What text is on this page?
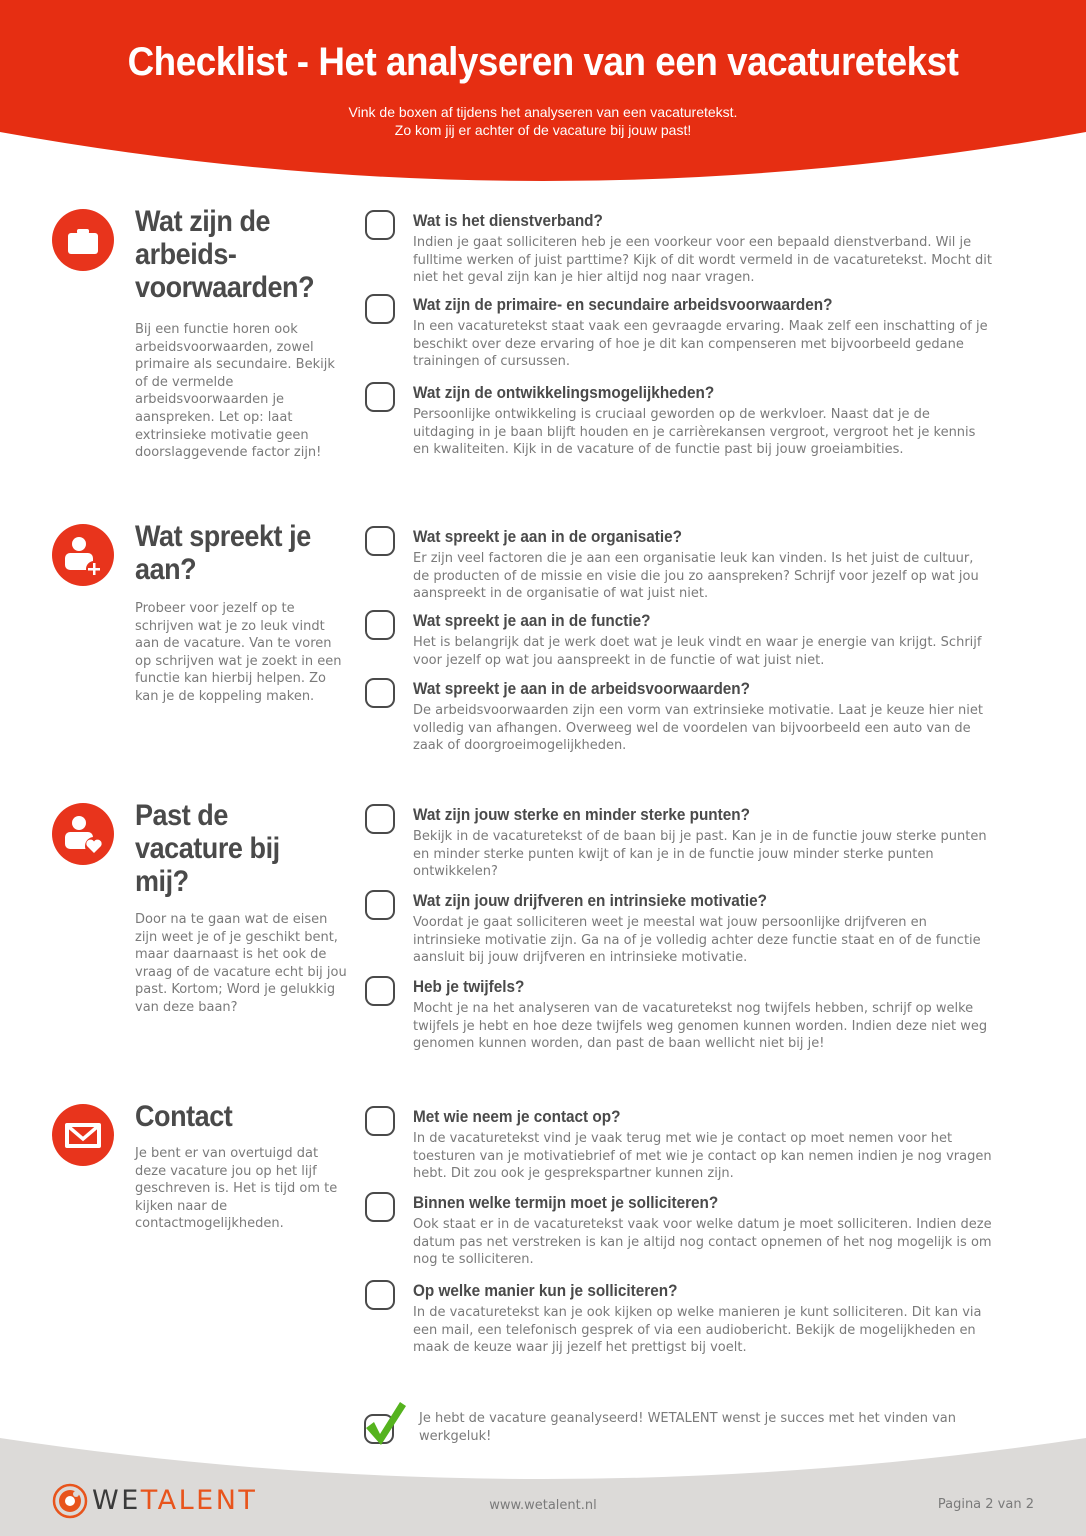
Checklist - Het analyseren van een vacaturetekst
Vink de boxen af tijdens het analyseren van een vacaturetekst.
Zo kom jij er achter of de vacature bij jouw past!
Wat zijn de arbeids- voorwaarden?
Bij een functie horen ook arbeidsvoorwaarden, zowel primaire als secundaire. Bekijk of de vermelde arbeidsvoorwaarden je aanspreken. Let op: laat extrinsieke motivatie geen doorslaggevende factor zijn!
Wat is het dienstverband?
Indien je gaat solliciteren heb je een voorkeur voor een bepaald dienstverband. Wil je fulltime werken of juist parttime? Kijk of dit wordt vermeld in de vacaturetekst. Mocht dit niet het geval zijn kan je hier altijd nog naar vragen.
Wat zijn de primaire- en secundaire arbeidsvoorwaarden?
In een vacaturetekst staat vaak een gevraagde ervaring. Maak zelf een inschatting of je beschikt over deze ervaring of hoe je dit kan compenseren met bijvoorbeeld gedane trainingen of cursussen.
Wat zijn de ontwikkelingsmogelijkheden?
Persoonlijke ontwikkeling is cruciaal geworden op de werkvloer. Naast dat je de uitdaging in je baan blijft houden en je carrièrekansen vergroot, vergroot het je kennis en kwaliteiten. Kijk in de vacature of de functie past bij jouw groeiambities.
Wat spreekt je aan?
Probeer voor jezelf op te schrijven wat je zo leuk vindt aan de vacature. Van te voren op schrijven wat je zoekt in een functie kan hierbij helpen. Zo kan je de koppeling maken.
Wat spreekt je aan in de organisatie?
Er zijn veel factoren die je aan een organisatie leuk kan vinden. Is het juist de cultuur, de producten of de missie en visie die jou zo aanspreken? Schrijf voor jezelf op wat jou aanspreekt in de organisatie of wat juist niet.
Wat spreekt je aan in de functie?
Het is belangrijk dat je werk doet wat je leuk vindt en waar je energie van krijgt. Schrijf voor jezelf op wat jou aanspreekt in de functie of wat juist niet.
Wat spreekt je aan in de arbeidsvoorwaarden?
De arbeidsvoorwaarden zijn een vorm van extrinsieke motivatie. Laat je keuze hier niet volledig van afhangen. Overweeg wel de voordelen van bijvoorbeeld een auto van de zaak of doorgroeimogelijkheden.
Past de vacature bij mij?
Door na te gaan wat de eisen zijn weet je of je geschikt bent, maar daarnaast is het ook de vraag of de vacature echt bij jou past. Kortom; Word je gelukkig van deze baan?
Wat zijn jouw sterke en minder sterke punten?
Bekijk in de vacaturetekst of de baan bij je past. Kan je in de functie jouw sterke punten en minder sterke punten kwijt of kan je in de functie jouw minder sterke punten ontwikkelen?
Wat zijn jouw drijfveren en intrinsieke motivatie?
Voordat je gaat solliciteren weet je meestal wat jouw persoonlijke drijfveren en intrinsieke motivatie zijn. Ga na of je volledig achter deze functie staat en of de functie aansluit bij jouw drijfveren en intrinsieke motivatie.
Heb je twijfels?
Mocht je na het analyseren van de vacaturetekst nog twijfels hebben, schrijf op welke twijfels je hebt en hoe deze twijfels weg genomen kunnen worden. Indien deze niet weg genomen kunnen worden, dan past de baan wellicht niet bij je!
Contact
Je bent er van overtuigd dat deze vacature jou op het lijf geschreven is. Het is tijd om te kijken naar de contactmogelijkheden.
Met wie neem je contact op?
In de vacaturetekst vind je vaak terug met wie je contact op moet nemen voor het toesturen van je motivatiebrief of met wie je contact op kan nemen indien je nog vragen hebt. Dit zou ook je gesprekspartner kunnen zijn.
Binnen welke termijn moet je solliciteren?
Ook staat er in de vacaturetekst vaak voor welke datum je moet solliciteren. Indien deze datum pas net verstreken is kan je altijd nog contact opnemen of het nog mogelijk is om nog te solliciteren.
Op welke manier kun je solliciteren?
In de vacaturetekst kan je ook kijken op welke manieren je kunt solliciteren. Dit kan via een mail, een telefonisch gesprek of via een audiobericht. Bekijk de mogelijkheden en maak de keuze waar jij jezelf het prettigst bij voelt.
WETALENT	www.wetalent.nl	Pagina 2 van 2
Je hebt de vacature geanalyseerd! WETALENT wenst je succes met het vinden van werkgeluk!
